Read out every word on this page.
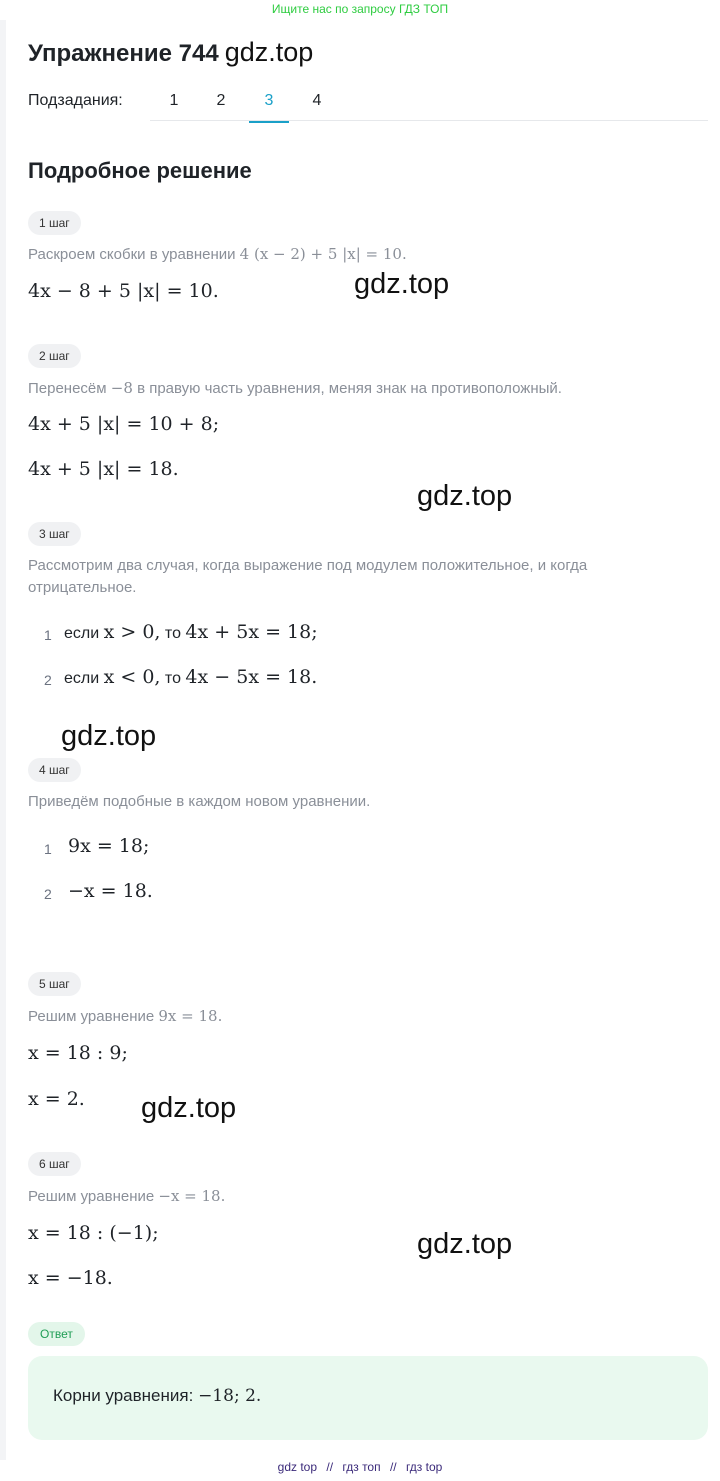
Ищите нас по запросу ГДЗ ТОП
Упражнение 744 gdz.top
Подзадания:	1	2	3	4
Подробное решение
1 шаг
Раскроем скобки в уравнении 4 (x − 2) + 5 |x| = 10.
4x − 8 + 5 |x| = 10.	gdz.top
2 шаг
Перенесём −8 в правую часть уравнения, меняя знак на противоположный.
4x + 5 |x| = 10 + 8;
4x + 5 |x| = 18.
gdz.top
3 шаг
Рассмотрим два случая, когда выражение под модулем положительное, и когда отрицательное.
1 если x > 0, то 4x + 5x = 18;
2 если x < 0, то 4x − 5x = 18.
gdz.top
4 шаг
Приведём подобные в каждом новом уравнении.
1 9x = 18;
2 −x = 18.
5 шаг
Решим уравнение 9x = 18.
x = 18 : 9;
x = 2. gdz.top
6 шаг
Решим уравнение −x = 18.
x = 18 : (−1);
x = −18.
gdz.top
Ответ
Корни уравнения: −18; 2.
gdz top // гдз топ // гдз top
